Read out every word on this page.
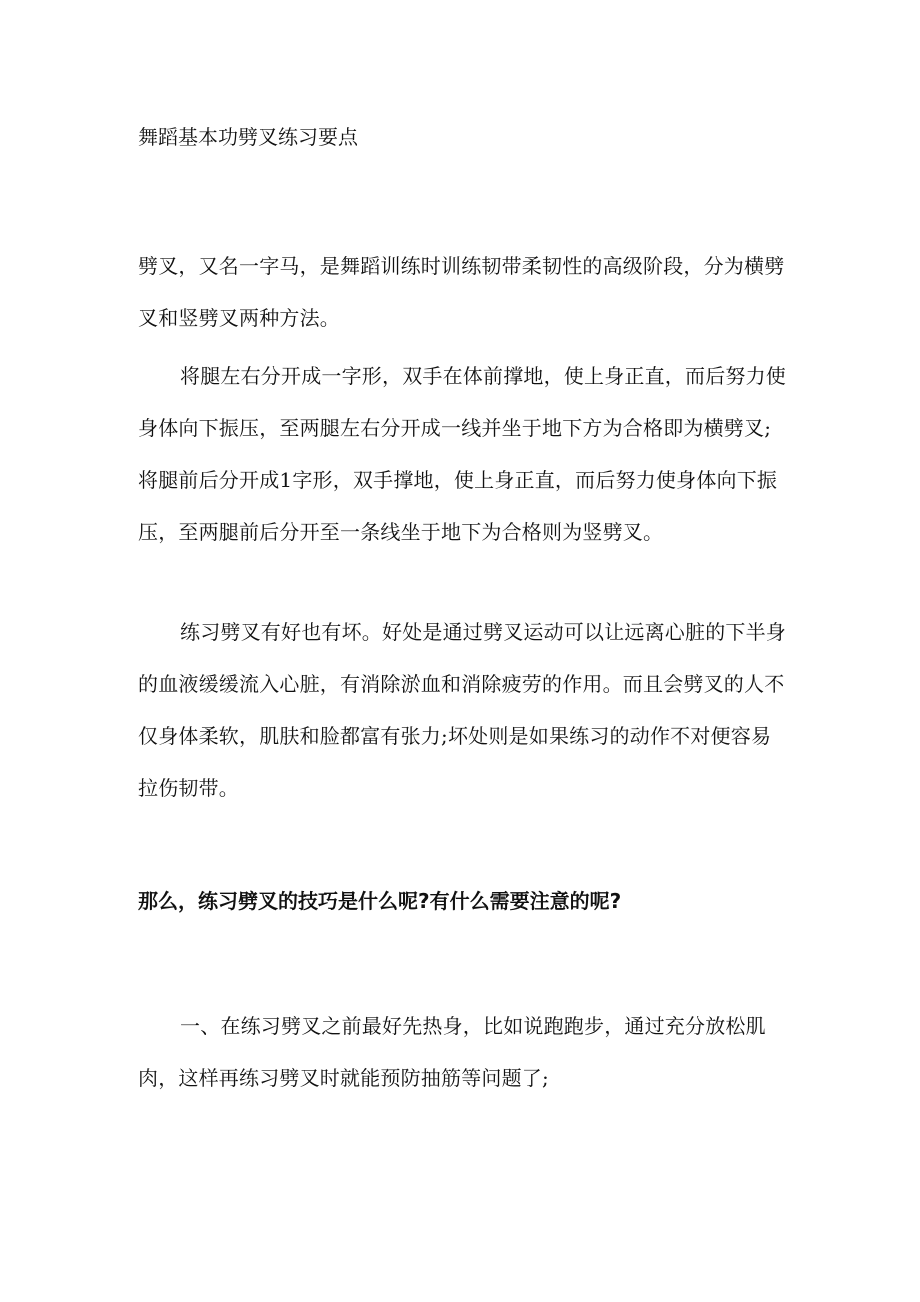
舞蹈基本功劈叉练习要点

劈叉，又名一字马，是舞蹈训练时训练韧带柔韧性的高级阶段，分为横劈叉和竖劈叉两种方法。

将腿左右分开成一字形，双手在体前撑地，使上身正直，而后努力使身体向下振压，至两腿左右分开成一线并坐于地下方为合格即为横劈叉;将腿前后分开成1字形，双手撑地，使上身正直，而后努力使身体向下振压，至两腿前后分开至一条线坐于地下为合格则为竖劈叉。

练习劈叉有好也有坏。好处是通过劈叉运动可以让远离心脏的下半身的血液缓缓流入心脏，有消除淤血和消除疲劳的作用。而且会劈叉的人不仅身体柔软，肌肤和脸都富有张力;坏处则是如果练习的动作不对便容易拉伤韧带。

那么，练习劈叉的技巧是什么呢?有什么需要注意的呢?

一、在练习劈叉之前最好先热身，比如说跑跑步，通过充分放松肌肉，这样再练习劈叉时就能预防抽筋等问题了;
